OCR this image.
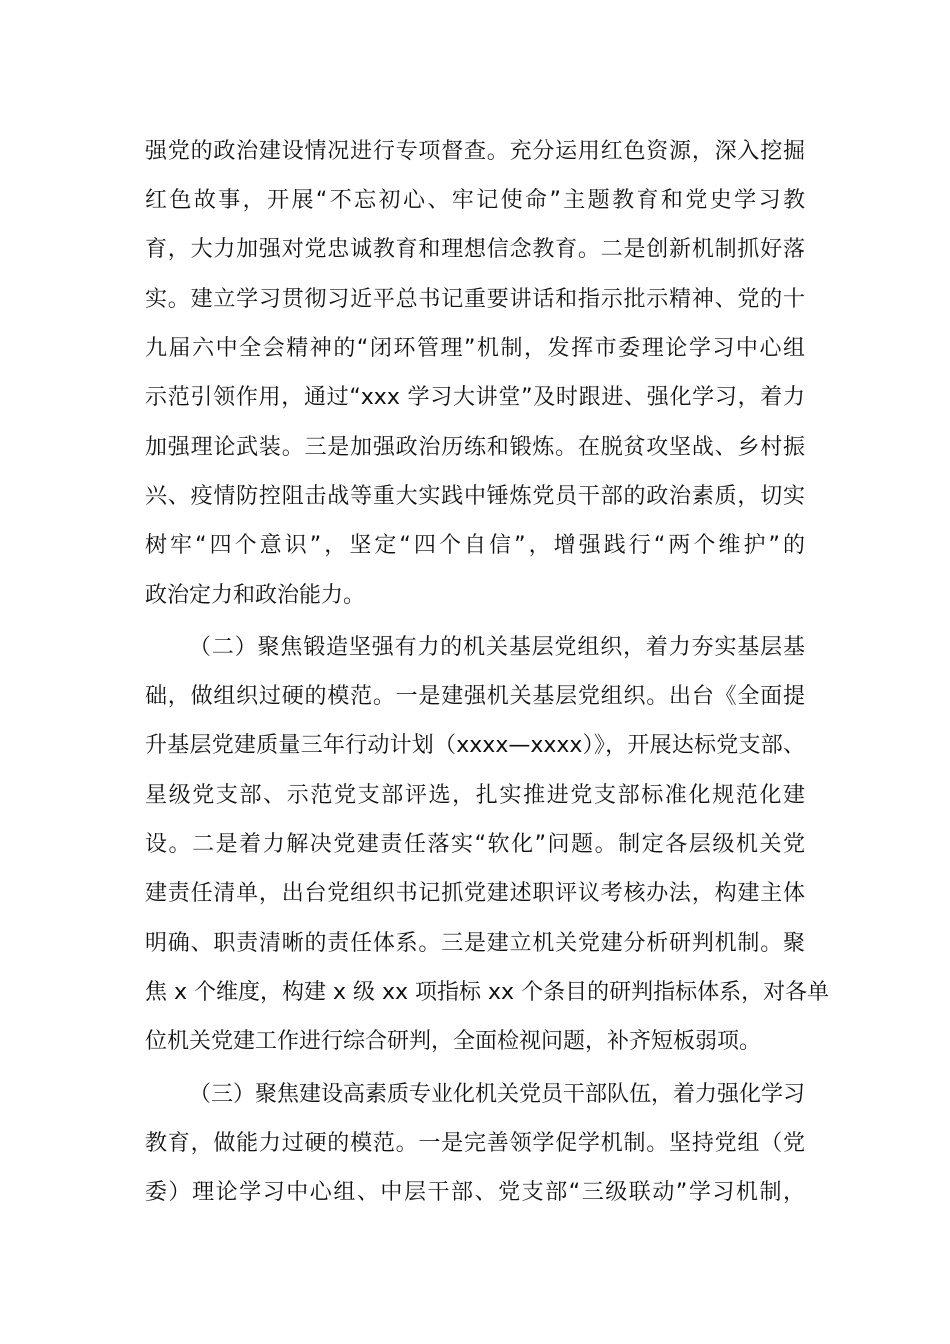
强党的政治建设情况进行专项督查。充分运用红色资源，深入挖掘
红色故事，开展“不忘初心、牢记使命”主题教育和党史学习教
育，大力加强对党忠诚教育和理想信念教育。二是创新机制抓好落
实。建立学习贯彻习近平总书记重要讲话和指示批示精神、党的十
九届六中全会精神的“闭环管理”机制，发挥市委理论学习中心组
示范引领作用，通过“xxx 学习大讲堂”及时跟进、强化学习，着力
加强理论武装。三是加强政治历练和锻炼。在脱贫攻坚战、乡村振
兴、疫情防控阻击战等重大实践中锤炼党员干部的政治素质，切实
树牢“四个意识”，坚定“四个自信”，增强践行“两个维护”的
政治定力和政治能力。
（二）聚焦锻造坚强有力的机关基层党组织，着力夯实基层基
础，做组织过硬的模范。一是建强机关基层党组织。出台《全面提
升基层党建质量三年行动计划（xxxx—xxxx）》，开展达标党支部、
星级党支部、示范党支部评选，扎实推进党支部标准化规范化建
设。二是着力解决党建责任落实“软化”问题。制定各层级机关党
建责任清单，出台党组织书记抓党建述职评议考核办法，构建主体
明确、职责清晰的责任体系。三是建立机关党建分析研判机制。聚
焦 x 个维度，构建 x 级 xx 项指标 xx 个条目的研判指标体系，对各单
位机关党建工作进行综合研判，全面检视问题，补齐短板弱项。
（三）聚焦建设高素质专业化机关党员干部队伍，着力强化学习
教育，做能力过硬的模范。一是完善领学促学机制。坚持党组（党
委）理论学习中心组、中层干部、党支部“三级联动”学习机制，
